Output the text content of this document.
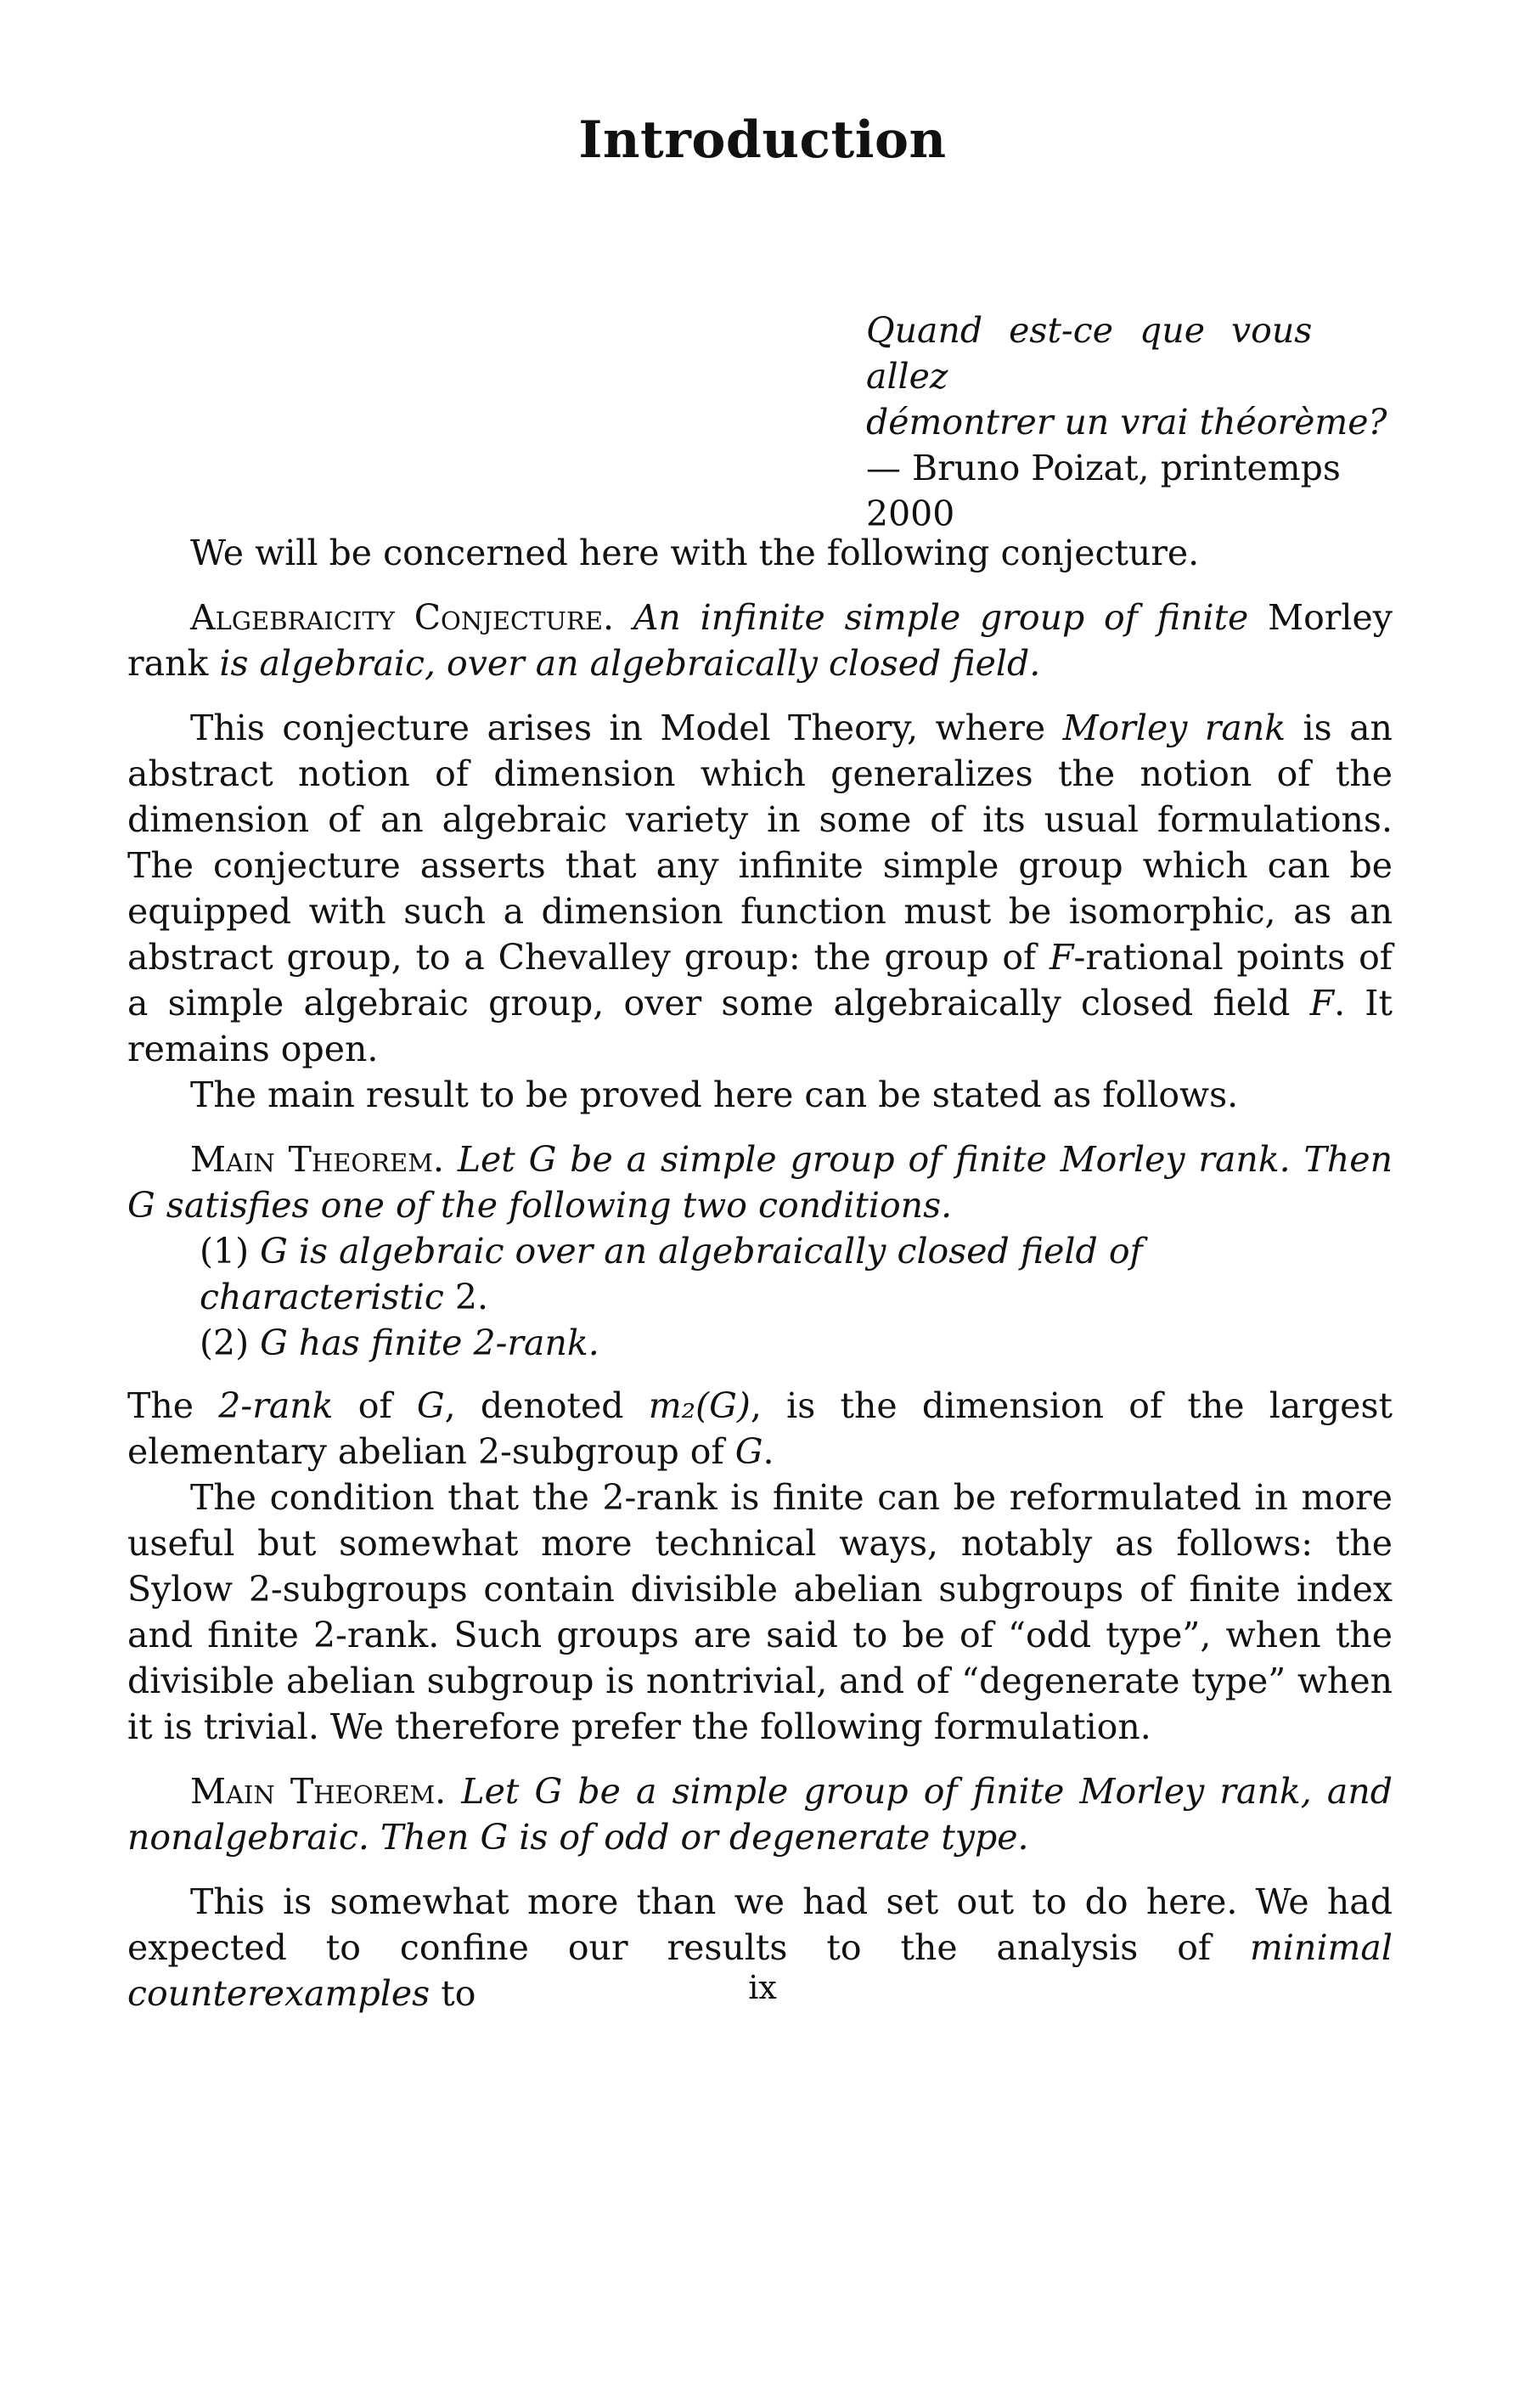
Introduction
Quand est-ce que vous allez
démontrer un vrai théorème?
— Bruno Poizat, printemps 2000

We will be concerned here with the following conjecture.

Algebraicity Conjecture. An infinite simple group of finite Morley rank is algebraic, over an algebraically closed field.

This conjecture arises in Model Theory, where Morley rank is an abstract notion of dimension which generalizes the notion of the dimension of an algebraic variety in some of its usual formulations. The conjecture asserts that any infinite simple group which can be equipped with such a dimension function must be isomorphic, as an abstract group, to a Chevalley group: the group of F-rational points of a simple algebraic group, over some algebraically closed field F. It remains open.

The main result to be proved here can be stated as follows.

Main Theorem. Let G be a simple group of finite Morley rank. Then G satisfies one of the following two conditions.

(1) G is algebraic over an algebraically closed field of characteristic 2.

(2) G has finite 2-rank.

The 2-rank of G, denoted m₂(G), is the dimension of the largest elementary abelian 2-subgroup of G.

The condition that the 2-rank is finite can be reformulated in more useful but somewhat more technical ways, notably as follows: the Sylow 2-subgroups contain divisible abelian subgroups of finite index and finite 2-rank. Such groups are said to be of “odd type”, when the divisible abelian subgroup is nontrivial, and of “degenerate type” when it is trivial. We therefore prefer the following formulation.

Main Theorem. Let G be a simple group of finite Morley rank, and nonalgebraic. Then G is of odd or degenerate type.

This is somewhat more than we had set out to do here. We had expected to confine our results to the analysis of minimal counterexamples to	ix
